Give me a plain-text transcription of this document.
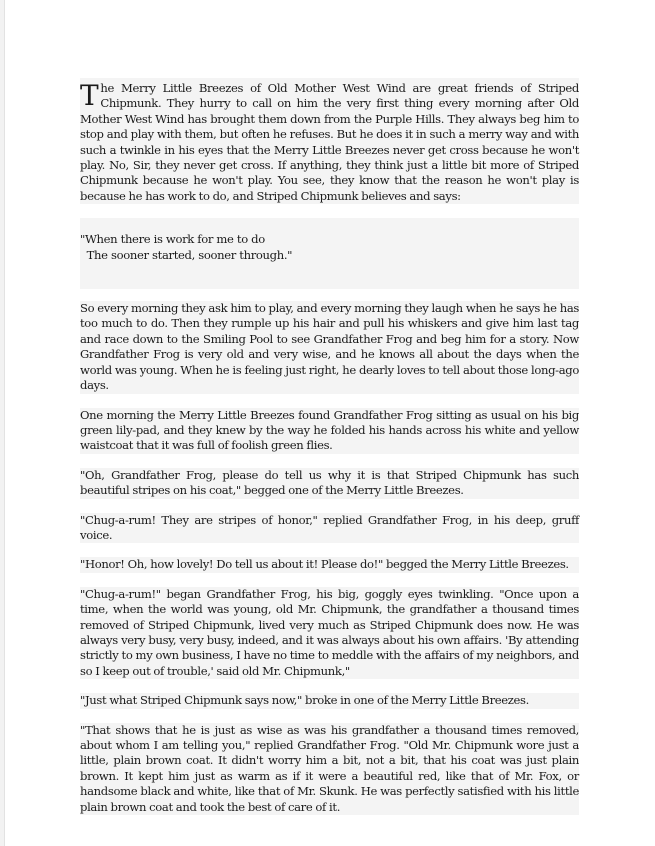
The Merry Little Breezes of Old Mother West Wind are great friends of Striped Chipmunk. They hurry to call on him the very first thing every morning after Old Mother West Wind has brought them down from the Purple Hills. They always beg him to stop and play with them, but often he refuses. But he does it in such a merry way and with such a twinkle in his eyes that the Merry Little Breezes never get cross because he won't play. No, Sir, they never get cross. If anything, they think just a little bit more of Striped Chipmunk because he won't play. You see, they know that the reason he won't play is because he has work to do, and Striped Chipmunk believes and says:

"When there is work for me to do
The sooner started, sooner through."

So every morning they ask him to play, and every morning they laugh when he says he has too much to do. Then they rumple up his hair and pull his whiskers and give him last tag and race down to the Smiling Pool to see Grandfather Frog and beg him for a story. Now Grandfather Frog is very old and very wise, and he knows all about the days when the world was young. When he is feeling just right, he dearly loves to tell about those long-ago days.

One morning the Merry Little Breezes found Grandfather Frog sitting as usual on his big green lily-pad, and they knew by the way he folded his hands across his white and yellow waistcoat that it was full of foolish green flies.

"Oh, Grandfather Frog, please do tell us why it is that Striped Chipmunk has such beautiful stripes on his coat," begged one of the Merry Little Breezes.

"Chug-a-rum! They are stripes of honor," replied Grandfather Frog, in his deep, gruff voice.

"Honor! Oh, how lovely! Do tell us about it! Please do!" begged the Merry Little Breezes.

"Chug-a-rum!" began Grandfather Frog, his big, goggly eyes twinkling. "Once upon a time, when the world was young, old Mr. Chipmunk, the grandfather a thousand times removed of Striped Chipmunk, lived very much as Striped Chipmunk does now. He was always very busy, very busy, indeed, and it was always about his own affairs. 'By attending strictly to my own business, I have no time to meddle with the affairs of my neighbors, and so I keep out of trouble,' said old Mr. Chipmunk,"

"Just what Striped Chipmunk says now," broke in one of the Merry Little Breezes.

"That shows that he is just as wise as was his grandfather a thousand times removed, about whom I am telling you," replied Grandfather Frog. "Old Mr. Chipmunk wore just a little, plain brown coat. It didn't worry him a bit, not a bit, that his coat was just plain brown. It kept him just as warm as if it were a beautiful red, like that of Mr. Fox, or handsome black and white, like that of Mr. Skunk. He was perfectly satisfied with his little plain brown coat and took the best of care of it.
